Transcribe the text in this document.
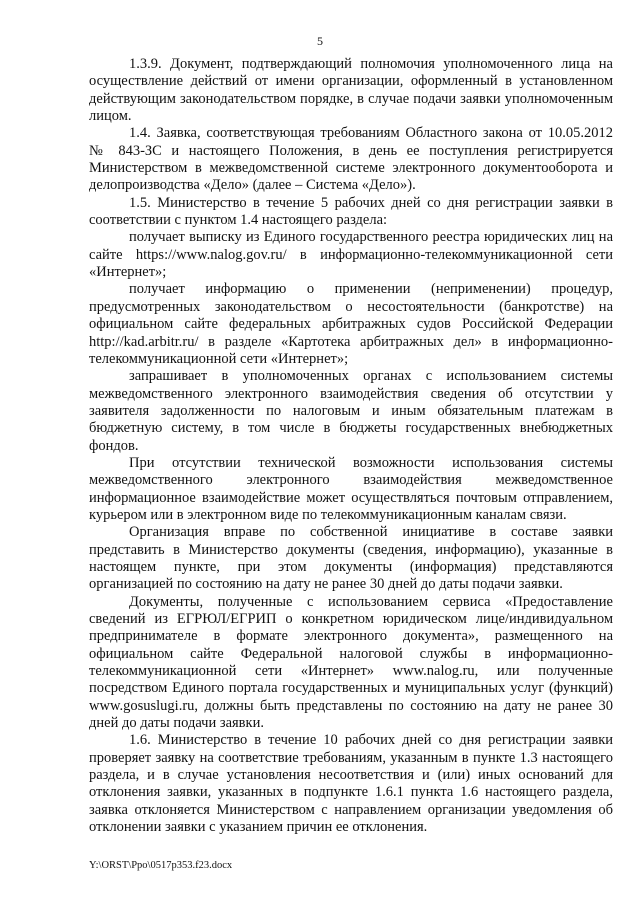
5

1.3.9. Документ, подтверждающий полномочия уполномоченного лица на осуществление действий от имени организации, оформленный в установленном действующим законодательством порядке, в случае подачи заявки уполномоченным лицом.

1.4. Заявка, соответствующая требованиям Областного закона от 10.05.2012 № 843-ЗС и настоящего Положения, в день ее поступления регистрируется Министерством в межведомственной системе электронного документооборота и делопроизводства «Дело» (далее – Система «Дело»).

1.5. Министерство в течение 5 рабочих дней со дня регистрации заявки в соответствии с пунктом 1.4 настоящего раздела:

получает выписку из Единого государственного реестра юридических лиц на сайте https://www.nalog.gov.ru/ в информационно-телекоммуникационной сети «Интернет»;

получает информацию о применении (неприменении) процедур, предусмотренных законодательством о несостоятельности (банкротстве) на официальном сайте федеральных арбитражных судов Российской Федерации http://kad.arbitr.ru/ в разделе «Картотека арбитражных дел» в информационно-телекоммуникационной сети «Интернет»;

запрашивает в уполномоченных органах с использованием системы межведомственного электронного взаимодействия сведения об отсутствии у заявителя задолженности по налоговым и иным обязательным платежам в бюджетную систему, в том числе в бюджеты государственных внебюджетных фондов.

При отсутствии технической возможности использования системы межведомственного электронного взаимодействия межведомственное информационное взаимодействие может осуществляться почтовым отправлением, курьером или в электронном виде по телекоммуникационным каналам связи.

Организация вправе по собственной инициативе в составе заявки представить в Министерство документы (сведения, информацию), указанные в настоящем пункте, при этом документы (информация) представляются организацией по состоянию на дату не ранее 30 дней до даты подачи заявки.

Документы, полученные с использованием сервиса «Предоставление сведений из ЕГРЮЛ/ЕГРИП о конкретном юридическом лице/индивидуальном предпринимателе в формате электронного документа», размещенного на официальном сайте Федеральной налоговой службы в информационно-телекоммуникационной сети «Интернет» www.nalog.ru, или полученные посредством Единого портала государственных и муниципальных услуг (функций) www.gosuslugi.ru, должны быть представлены по состоянию на дату не ранее 30 дней до даты подачи заявки.

1.6. Министерство в течение 10 рабочих дней со дня регистрации заявки проверяет заявку на соответствие требованиям, указанным в пункте 1.3 настоящего раздела, и в случае установления несоответствия и (или) иных оснований для отклонения заявки, указанных в подпункте 1.6.1 пункта 1.6 настоящего раздела, заявка отклоняется Министерством с направлением организации уведомления об отклонении заявки с указанием причин ее отклонения.

Y:\ORST\Ppo\0517p353.f23.docx
